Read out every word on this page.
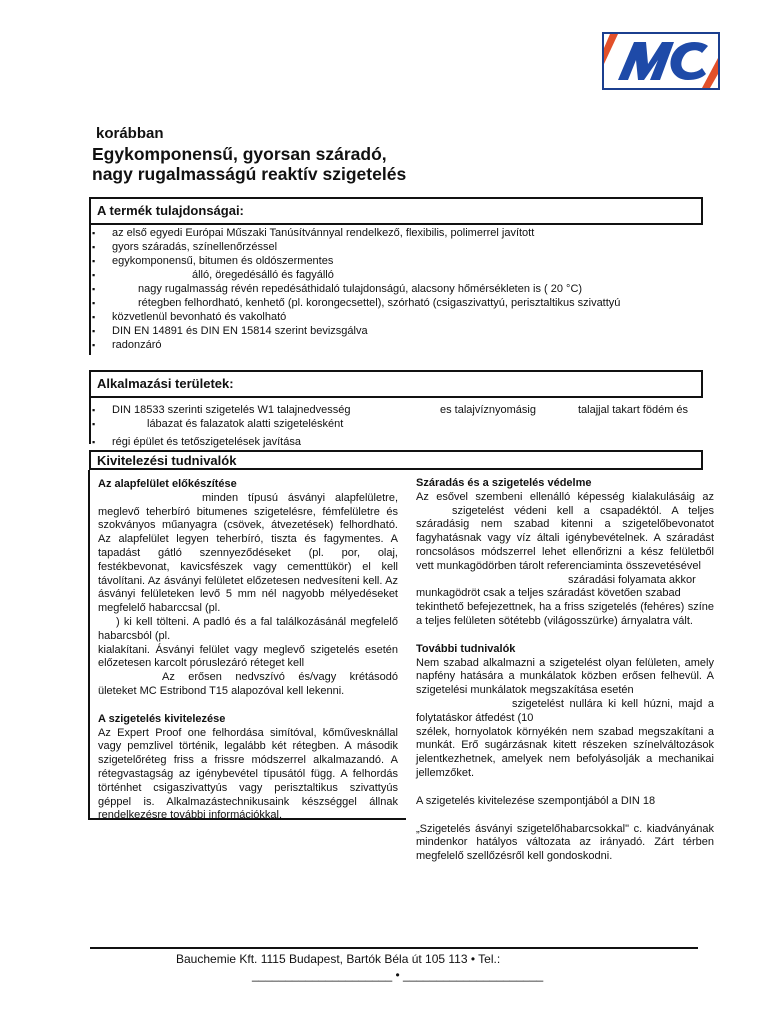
korábban
Egykomponensű, gyorsan száradó,
nagy rugalmasságú reaktív szigetelés
A termék tulajdonságai:
▪ az első egyedi Európai Műszaki Tanúsítvánnyal rendelkező, flexibilis, polimerrel javított
▪ gyors száradás, színellenőrzéssel
▪ egykomponensű, bitumen és oldószermentes
▪ álló, öregedésálló és fagyálló
▪ nagy rugalmasság révén repedésáthidaló tulajdonságú, alacsony hőmérsékleten is ( 20 °C)
▪ rétegben felhordható, kenhető (pl. korongecsettel), szórható (csigaszivattyú, perisztaltikus szivattyú
▪ közvetlenül bevonható és vakolható
▪ DIN EN 14891 és DIN EN 15814 szerint bevizsgálva
▪ radonzáró
Alkalmazási területek:
▪ DIN 18533 szerinti szigetelés W1 talajnedvesség	es talajvíznyomásig	talajjal takart födém és
▪ lábazat és falazatok alatti szigetelésként
▪ régi épület és tetőszigetelések javítása
Kivitelezési tudnivalók
Az alapfelület előkészítése

minden típusú ásványi alapfelületre, meglevő teherbíró bitumenes szigetelésre, fémfelületre és szokványos műanyagra (csövek, átvezetések) felhordható. Az alapfelület legyen teherbíró, tiszta és fagymentes. A tapadást gátló szennyeződéseket (pl. por, olaj, festékbevonat, kavicsfészek vagy cementtükör) el kell távolítani. Az ásványi felületet előzetesen nedvesíteni kell. Az ásványi felületeken levő 5 mm nél nagyobb mélyedéseket megfelelő habarccsal (pl.
) ki kell tölteni. A padló és a fal találkozásánál megfelelő habarcsból (pl.
kialakítani. Ásványi felület vagy meglevő szigetelés esetén előzetesen karcolt póruslezáró réteget kell
Az erősen nedvszívó és/vagy krétásodó ületeket MC Estribond T15 alapozóval kell lekenni.

A szigetelés kivitelezése

Az Expert Proof one felhordása simítóval, kőművesknállal vagy pemzlivel történik, legalább két rétegben. A második szigetelőréteg friss a frissre módszerrel alkalmazandó. A rétegvastagság az igénybevétel típusától függ. A felhordás történhet csigaszivattyús vagy perisztaltikus szivattyús géppel is. Alkalmazástechnikusaink készséggel állnak rendelkezésre további információkkal.

Száradás és a szigetelés védelme

Az esővel szembeni ellenálló képesség kialakulásáig az szigetelést védeni kell a csapadéktól. A teljes száradásig nem szabad kitenni a szigetelőbevonatot fagyhatásnak vagy víz általi igénybevételnek. A száradást roncsolásos módszerrel lehet ellenőrizni a kész felületből vett munkagödörben tárolt referenciaminta összevetésével
száradási folyamata akkor
munkagödröt csak a teljes száradást követően szabad
tekinthető befejezettnek, ha a friss szigetelés (fehéres) színe a teljes felületen sötétebb (világosszürke) árnyalatra vált.

További tudnivalók

Nem szabad alkalmazni a szigetelést olyan felületen, amely napfény hatására a munkálatok közben erősen felhevül. A szigetelési munkálatok megszakítása esetén
szigetelést nullára ki kell húzni, majd a folytatáskor átfedést (10
szélek, hornyolatok környékén nem szabad megszakítani a munkát. Erő sugárzásnak kitett részeken színelváltozások jelentkezhetnek, amelyek nem befolyásolják a mechanikai jellemzőket.

A szigetelés kivitelezése szempontjából a DIN 18

„Szigetelés ásványi szigetelőhabarcsokkal" c. kiadványának mindenkor hatályos változata az irányadó. Zárt térben megfelelő szellőzésről kell gondoskodni.

Bauchemie Kft. 1115 Budapest, Bartók Béla út 105 113 • Tel.:
_____________________ • _____________________
